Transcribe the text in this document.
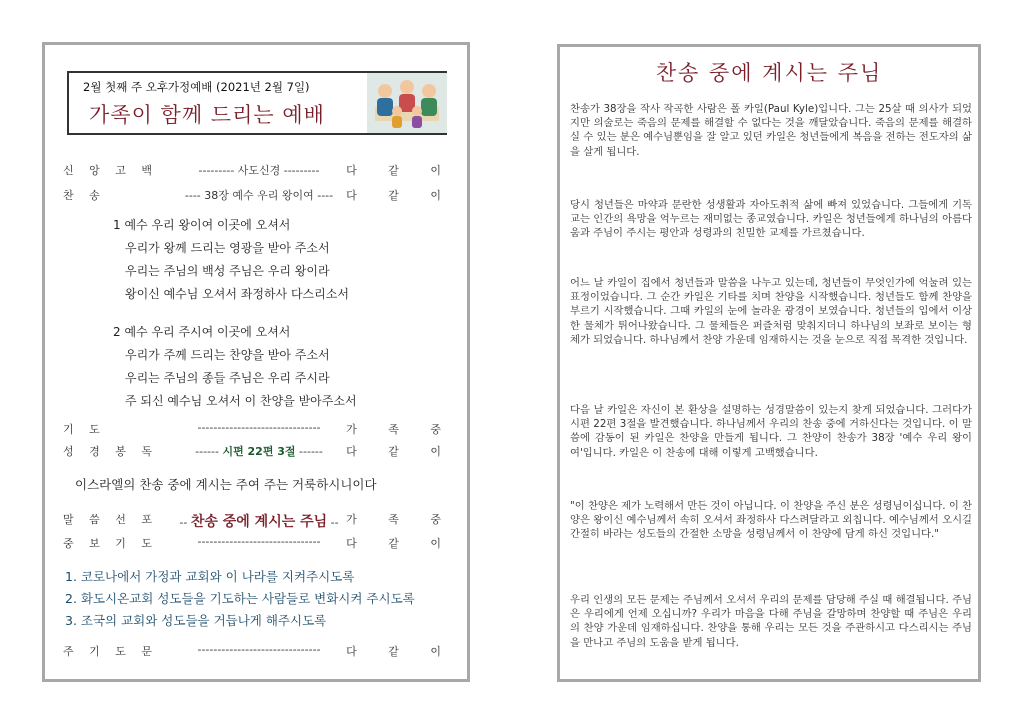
2월 첫째 주 오후가정예배 (2021년 2월 7일)
가족이 함께 드리는 예배
신 앙 고 백	--------- 사도신경 ---------	다 같 이
찬 송	---- 38장 예수 우리 왕이여 ----	다 같 이
1 예수 우리 왕이여 이곳에 오셔서
우리가 왕께 드리는 영광을 받아 주소서
우리는 주님의 백성 주님은 우리 왕이라
왕이신 예수님 오셔서 좌정하사 다스리소서
2 예수 우리 주시여 이곳에 오셔서
우리가 주께 드리는 찬양을 받아 주소서
우리는 주님의 종들 주님은 우리 주시라
주 되신 예수님 오셔서 이 찬양을 받아주소서
기 도	-------------------------------	가 족 중
성 경 봉 독	------ 시편 22편 3절 ------	다 같 이
이스라엘의 찬송 중에 계시는 주여 주는 거룩하시니이다
말 씀 선 포	-- 찬송 중에 계시는 주님 -- 가 족 중
중 보 기 도	-------------------------------	다 같 이
1. 코로나에서 가정과 교회와 이 나라를 지켜주시도록
2. 화도시온교회 성도들을 기도하는 사람들로 변화시켜 주시도록
3. 조국의 교회와 성도들을 거듭나게 해주시도록
주 기 도 문	-------------------------------	다 같 이
찬송 중에 계시는 주님
찬송가 38장을 작사 작곡한 사람은 폴 카일(Paul Kyle)입니다. 그는 25살 때 의사가 되었지만 의술로는 죽음의 문제를 해결할 수 없다는 것을 깨달았습니다. 죽음의 문제를 해결하실 수 있는 분은 예수님뿐임을 잘 알고 있던 카일은 청년들에게 복음을 전하는 전도자의 삶을 살게 됩니다.
당시 청년들은 마약과 문란한 성생활과 자아도취적 삶에 빠져 있었습니다. 그들에게 기독교는 인간의 욕망을 억누르는 재미없는 종교였습니다. 카일은 청년들에게 하나님의 아름다움과 주님이 주시는 평안과 성령과의 친밀한 교제를 가르쳤습니다.
어느 날 카일이 집에서 청년들과 말씀을 나누고 있는데, 청년들이 무엇인가에 억눌려 있는 표정이었습니다. 그 순간 카일은 기타를 치며 찬양을 시작했습니다. 청년들도 함께 찬양을 부르기 시작했습니다. 그때 카일의 눈에 놀라운 광경이 보였습니다. 청년들의 입에서 이상한 물체가 튀어나왔습니다. 그 물체들은 퍼즐처럼 맞춰지더니 하나님의 보좌로 보이는 형체가 되었습니다. 하나님께서 찬양 가운데 임재하시는 것을 눈으로 직접 목격한 것입니다.
다음 날 카일은 자신이 본 환상을 설명하는 성경말씀이 있는지 찾게 되었습니다. 그러다가 시편 22편 3절을 발견했습니다. 하나님께서 우리의 찬송 중에 거하신다는 것입니다. 이 말씀에 감동이 된 카일은 찬양을 만들게 됩니다. 그 찬양이 찬송가 38장 '예수 우리 왕이여'입니다. 카일은 이 찬송에 대해 이렇게 고백했습니다.
"이 찬양은 제가 노력해서 만든 것이 아닙니다. 이 찬양을 주신 분은 성령님이십니다. 이 찬양은 왕이신 예수님께서 속히 오셔서 좌정하사 다스려달라고 외칩니다. 예수님께서 오시길 간절히 바라는 성도들의 간절한 소망을 성령님께서 이 찬양에 담게 하신 것입니다."
우리 인생의 모든 문제는 주님께서 오셔서 우리의 문제를 담당해 주실 때 해결됩니다. 주님은 우리에게 언제 오십니까? 우리가 마음을 다해 주님을 갈망하며 찬양할 때 주님은 우리의 찬양 가운데 임재하십니다. 찬양을 통해 우리는 모든 것을 주관하시고 다스리시는 주님을 만나고 주님의 도움을 받게 됩니다.
